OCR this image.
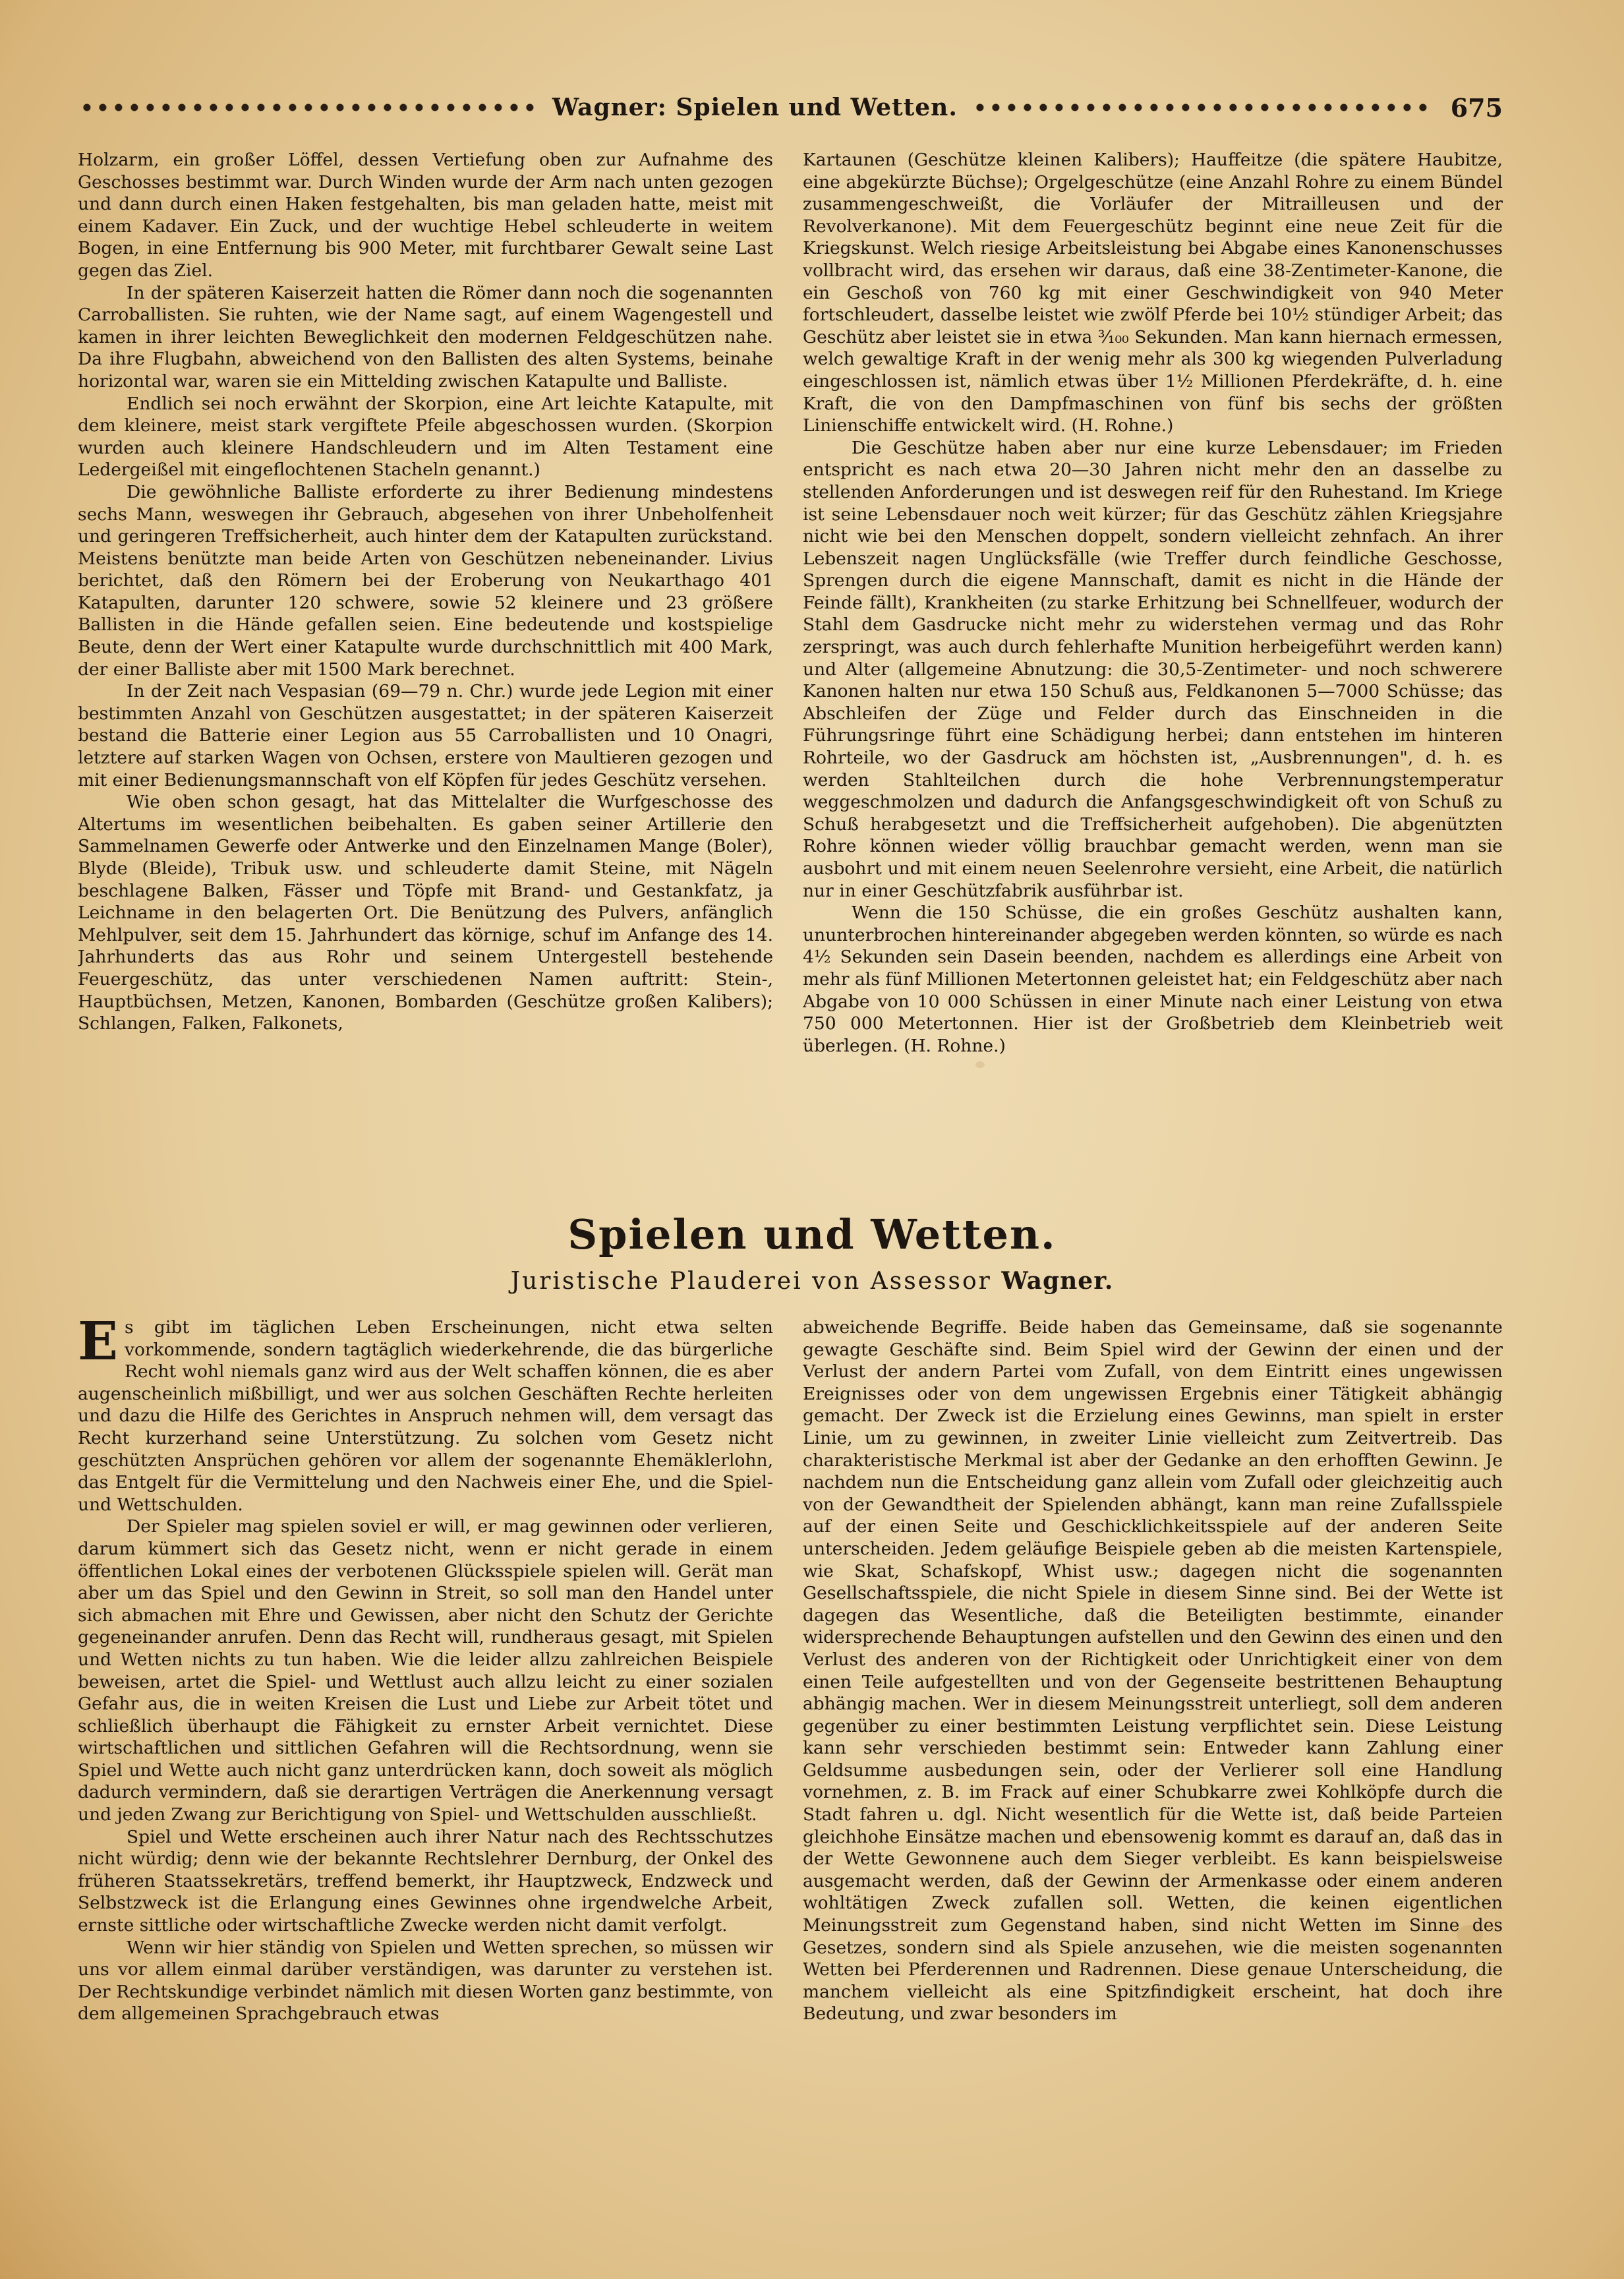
Wagner: Spielen und Wetten.	675

Holzarm, ein großer Löffel, dessen Vertiefung oben zur Aufnahme des Geschosses bestimmt war. Durch Winden wurde der Arm nach unten gezogen und dann durch einen Haken festgehalten, bis man geladen hatte, meist mit einem Kadaver. Ein Zuck, und der wuchtige Hebel schleuderte in weitem Bogen, in eine Entfernung bis 900 Meter, mit furchtbarer Gewalt seine Last gegen das Ziel.

In der späteren Kaiserzeit hatten die Römer dann noch die sogenannten Carroballisten. Sie ruhten, wie der Name sagt, auf einem Wagengestell und kamen in ihrer leichten Beweglichkeit den modernen Feldgeschützen nahe. Da ihre Flugbahn, abweichend von den Ballisten des alten Systems, beinahe horizontal war, waren sie ein Mittelding zwischen Katapulte und Balliste.

Endlich sei noch erwähnt der Skorpion, eine Art leichte Katapulte, mit dem kleinere, meist stark vergiftete Pfeile abgeschossen wurden. (Skorpion wurden auch kleinere Handschleudern und im Alten Testament eine Ledergeißel mit eingeflochtenen Stacheln genannt.)

Die gewöhnliche Balliste erforderte zu ihrer Bedienung mindestens sechs Mann, weswegen ihr Gebrauch, abgesehen von ihrer Unbeholfenheit und geringeren Treffsicherheit, auch hinter dem der Katapulten zurückstand. Meistens benützte man beide Arten von Geschützen nebeneinander. Livius berichtet, daß den Römern bei der Eroberung von Neukarthago 401 Katapulten, darunter 120 schwere, sowie 52 kleinere und 23 größere Ballisten in die Hände gefallen seien. Eine bedeutende und kostspielige Beute, denn der Wert einer Katapulte wurde durchschnittlich mit 400 Mark, der einer Balliste aber mit 1500 Mark berechnet.

In der Zeit nach Vespasian (69—79 n. Chr.) wurde jede Legion mit einer bestimmten Anzahl von Geschützen ausgestattet; in der späteren Kaiserzeit bestand die Batterie einer Legion aus 55 Carroballisten und 10 Onagri, letztere auf starken Wagen von Ochsen, erstere von Maultieren gezogen und mit einer Bedienungsmannschaft von elf Köpfen für jedes Geschütz versehen.

Wie oben schon gesagt, hat das Mittelalter die Wurfgeschosse des Altertums im wesentlichen beibehalten. Es gaben seiner Artillerie den Sammelnamen Gewerfe oder Antwerke und den Einzelnamen Mange (Boler), Blyde (Bleide), Tribuk usw. und schleuderte damit Steine, mit Nägeln beschlagene Balken, Fässer und Töpfe mit Brand- und Gestankfatz, ja Leichname in den belagerten Ort. Die Benützung des Pulvers, anfänglich Mehlpulver, seit dem 15. Jahrhundert das körnige, schuf im Anfange des 14. Jahrhunderts das aus Rohr und seinem Untergestell bestehende Feuergeschütz, das unter verschiedenen Namen auftritt: Stein-, Hauptbüchsen, Metzen, Kanonen, Bombarden (Geschütze großen Kalibers); Schlangen, Falken, Falkonets,

Kartaunen (Geschütze kleinen Kalibers); Hauffeitze (die spätere Haubitze, eine abgekürzte Büchse); Orgelgeschütze (eine Anzahl Rohre zu einem Bündel zusammengeschweißt, die Vorläufer der Mitrailleusen und der Revolverkanone). Mit dem Feuergeschütz beginnt eine neue Zeit für die Kriegskunst. Welch riesige Arbeitsleistung bei Abgabe eines Kanonenschusses vollbracht wird, das ersehen wir daraus, daß eine 38-Zentimeter-Kanone, die ein Geschoß von 760 kg mit einer Geschwindigkeit von 940 Meter fortschleudert, dasselbe leistet wie zwölf Pferde bei 10½ stündiger Arbeit; das Geschütz aber leistet sie in etwa ³⁄₁₀₀ Sekunden. Man kann hiernach ermessen, welch gewaltige Kraft in der wenig mehr als 300 kg wiegenden Pulverladung eingeschlossen ist, nämlich etwas über 1½ Millionen Pferdekräfte, d. h. eine Kraft, die von den Dampfmaschinen von fünf bis sechs der größten Linienschiffe entwickelt wird. (H. Rohne.)

Die Geschütze haben aber nur eine kurze Lebensdauer; im Frieden entspricht es nach etwa 20—30 Jahren nicht mehr den an dasselbe zu stellenden Anforderungen und ist deswegen reif für den Ruhestand. Im Kriege ist seine Lebensdauer noch weit kürzer; für das Geschütz zählen Kriegsjahre nicht wie bei den Menschen doppelt, sondern vielleicht zehnfach. An ihrer Lebenszeit nagen Unglücksfälle (wie Treffer durch feindliche Geschosse, Sprengen durch die eigene Mannschaft, damit es nicht in die Hände der Feinde fällt), Krankheiten (zu starke Erhitzung bei Schnellfeuer, wodurch der Stahl dem Gasdrucke nicht mehr zu widerstehen vermag und das Rohr zerspringt, was auch durch fehlerhafte Munition herbeigeführt werden kann) und Alter (allgemeine Abnutzung: die 30,5-Zentimeter- und noch schwerere Kanonen halten nur etwa 150 Schuß aus, Feldkanonen 5—7000 Schüsse; das Abschleifen der Züge und Felder durch das Einschneiden in die Führungsringe führt eine Schädigung herbei; dann entstehen im hinteren Rohrteile, wo der Gasdruck am höchsten ist, „Ausbrennungen", d. h. es werden Stahlteilchen durch die hohe Verbrennungstemperatur weggeschmolzen und dadurch die Anfangsgeschwindigkeit oft von Schuß zu Schuß herabgesetzt und die Treffsicherheit aufgehoben). Die abgenützten Rohre können wieder völlig brauchbar gemacht werden, wenn man sie ausbohrt und mit einem neuen Seelenrohre versieht, eine Arbeit, die natürlich nur in einer Geschützfabrik ausführbar ist.

Wenn die 150 Schüsse, die ein großes Geschütz aushalten kann, ununterbrochen hintereinander abgegeben werden könnten, so würde es nach 4½ Sekunden sein Dasein beenden, nachdem es allerdings eine Arbeit von mehr als fünf Millionen Metertonnen geleistet hat; ein Feldgeschütz aber nach Abgabe von 10 000 Schüssen in einer Minute nach einer Leistung von etwa 750 000 Metertonnen. Hier ist der Großbetrieb dem Kleinbetrieb weit überlegen. (H. Rohne.)

Spielen und Wetten.
Juristische Plauderei von Assessor Wagner.

Es gibt im täglichen Leben Erscheinungen, nicht etwa selten vorkommende, sondern tagtäglich wiederkehrende, die das bürgerliche Recht wohl niemals ganz wird aus der Welt schaffen können, die es aber augenscheinlich mißbilligt, und wer aus solchen Geschäften Rechte herleiten und dazu die Hilfe des Gerichtes in Anspruch nehmen will, dem versagt das Recht kurzerhand seine Unterstützung. Zu solchen vom Gesetz nicht geschützten Ansprüchen gehören vor allem der sogenannte Ehemäklerlohn, das Entgelt für die Vermittelung und den Nachweis einer Ehe, und die Spiel- und Wettschulden.

Der Spieler mag spielen soviel er will, er mag gewinnen oder verlieren, darum kümmert sich das Gesetz nicht, wenn er nicht gerade in einem öffentlichen Lokal eines der verbotenen Glücksspiele spielen will. Gerät man aber um das Spiel und den Gewinn in Streit, so soll man den Handel unter sich abmachen mit Ehre und Gewissen, aber nicht den Schutz der Gerichte gegeneinander anrufen. Denn das Recht will, rundheraus gesagt, mit Spielen und Wetten nichts zu tun haben. Wie die leider allzu zahlreichen Beispiele beweisen, artet die Spiel- und Wettlust auch allzu leicht zu einer sozialen Gefahr aus, die in weiten Kreisen die Lust und Liebe zur Arbeit tötet und schließlich überhaupt die Fähigkeit zu ernster Arbeit vernichtet. Diese wirtschaftlichen und sittlichen Gefahren will die Rechtsordnung, wenn sie Spiel und Wette auch nicht ganz unterdrücken kann, doch soweit als möglich dadurch vermindern, daß sie derartigen Verträgen die Anerkennung versagt und jeden Zwang zur Berichtigung von Spiel- und Wettschulden ausschließt.

Spiel und Wette erscheinen auch ihrer Natur nach des Rechtsschutzes nicht würdig; denn wie der bekannte Rechtslehrer Dernburg, der Onkel des früheren Staatssekretärs, treffend bemerkt, ihr Hauptzweck, Endzweck und Selbstzweck ist die Erlangung eines Gewinnes ohne irgendwelche Arbeit, ernste sittliche oder wirtschaftliche Zwecke werden nicht damit verfolgt.

Wenn wir hier ständig von Spielen und Wetten sprechen, so müssen wir uns vor allem einmal darüber verständigen, was darunter zu verstehen ist. Der Rechtskundige verbindet nämlich mit diesen Worten ganz bestimmte, von dem allgemeinen Sprachgebrauch etwas

abweichende Begriffe. Beide haben das Gemeinsame, daß sie sogenannte gewagte Geschäfte sind. Beim Spiel wird der Gewinn der einen und der Verlust der andern Partei vom Zufall, von dem Eintritt eines ungewissen Ereignisses oder von dem ungewissen Ergebnis einer Tätigkeit abhängig gemacht. Der Zweck ist die Erzielung eines Gewinns, man spielt in erster Linie, um zu gewinnen, in zweiter Linie vielleicht zum Zeitvertreib. Das charakteristische Merkmal ist aber der Gedanke an den erhofften Gewinn. Je nachdem nun die Entscheidung ganz allein vom Zufall oder gleichzeitig auch von der Gewandtheit der Spielenden abhängt, kann man reine Zufallsspiele auf der einen Seite und Geschicklichkeitsspiele auf der anderen Seite unterscheiden. Jedem geläufige Beispiele geben ab die meisten Kartenspiele, wie Skat, Schafskopf, Whist usw.; dagegen nicht die sogenannten Gesellschaftsspiele, die nicht Spiele in diesem Sinne sind. Bei der Wette ist dagegen das Wesentliche, daß die Beteiligten bestimmte, einander widersprechende Behauptungen aufstellen und den Gewinn des einen und den Verlust des anderen von der Richtigkeit oder Unrichtigkeit einer von dem einen Teile aufgestellten und von der Gegenseite bestrittenen Behauptung abhängig machen. Wer in diesem Meinungsstreit unterliegt, soll dem anderen gegenüber zu einer bestimmten Leistung verpflichtet sein. Diese Leistung kann sehr verschieden bestimmt sein: Entweder kann Zahlung einer Geldsumme ausbedungen sein, oder der Verlierer soll eine Handlung vornehmen, z. B. im Frack auf einer Schubkarre zwei Kohlköpfe durch die Stadt fahren u. dgl. Nicht wesentlich für die Wette ist, daß beide Parteien gleichhohe Einsätze machen und ebensowenig kommt es darauf an, daß das in der Wette Gewonnene auch dem Sieger verbleibt. Es kann beispielsweise ausgemacht werden, daß der Gewinn der Armenkasse oder einem anderen wohltätigen Zweck zufallen soll. Wetten, die keinen eigentlichen Meinungsstreit zum Gegenstand haben, sind nicht Wetten im Sinne des Gesetzes, sondern sind als Spiele anzusehen, wie die meisten sogenannten Wetten bei Pferderennen und Radrennen. Diese genaue Unterscheidung, die manchem vielleicht als eine Spitzfindigkeit erscheint, hat doch ihre Bedeutung, und zwar besonders im
